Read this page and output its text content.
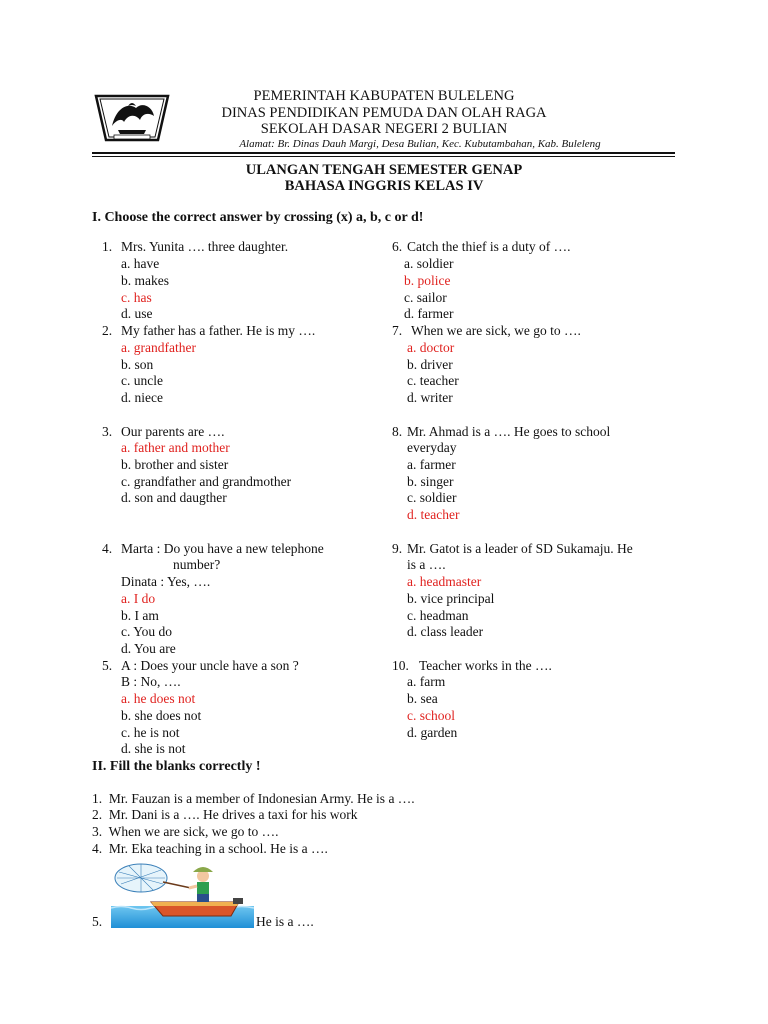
PEMERINTAH KABUPATEN BULELENG
DINAS PENDIDIKAN PEMUDA DAN OLAH RAGA
SEKOLAH DASAR NEGERI 2 BULIAN
Alamat: Br. Dinas Dauh Margi, Desa Bulian, Kec. Kubutambahan, Kab. Buleleng
ULANGAN TENGAH SEMESTER GENAP
BAHASA INGGRIS KELAS IV
I. Choose the correct answer by crossing (x) a, b, c or d!
1. Mrs. Yunita …. three daughter.
a. have
b. makes
c. has
d. use
2. My father has a father. He is my ….
a. grandfather
b. son
c. uncle
d. niece
3. Our parents are ….
a. father and mother
b. brother and sister
c. grandfather and grandmother
d. son and daugther
4. Marta : Do you have a new telephone
number?
Dinata : Yes, ….
a. I do
b. I am
c. You do
d. You are
5. A : Does your uncle have a son ?
B : No, ….
a. he does not
b. she does not
c. he is not
d. she is not
6. Catch the thief is a duty of ….
a. soldier
b. police
c. sailor
d. farmer
7. When we are sick, we go to ….
a. doctor
b. driver
c. teacher
d. writer
8. Mr. Ahmad is a …. He goes to school
everyday
a. farmer
b. singer
c. soldier
d. teacher
9. Mr. Gatot is a leader of SD Sukamaju. He
is a ….
a. headmaster
b. vice principal
c. headman
d. class leader
10. Teacher works in the ….
a. farm
b. sea
c. school
d. garden
II. Fill the blanks correctly !
1.  Mr. Fauzan is a member of Indonesian Army. He is a ….
2.  Mr. Dani is a …. He drives a taxi for his work
3.  When we are sick, we go to ….
4.  Mr. Eka teaching in a school. He is a ….
5.	He is a ….
